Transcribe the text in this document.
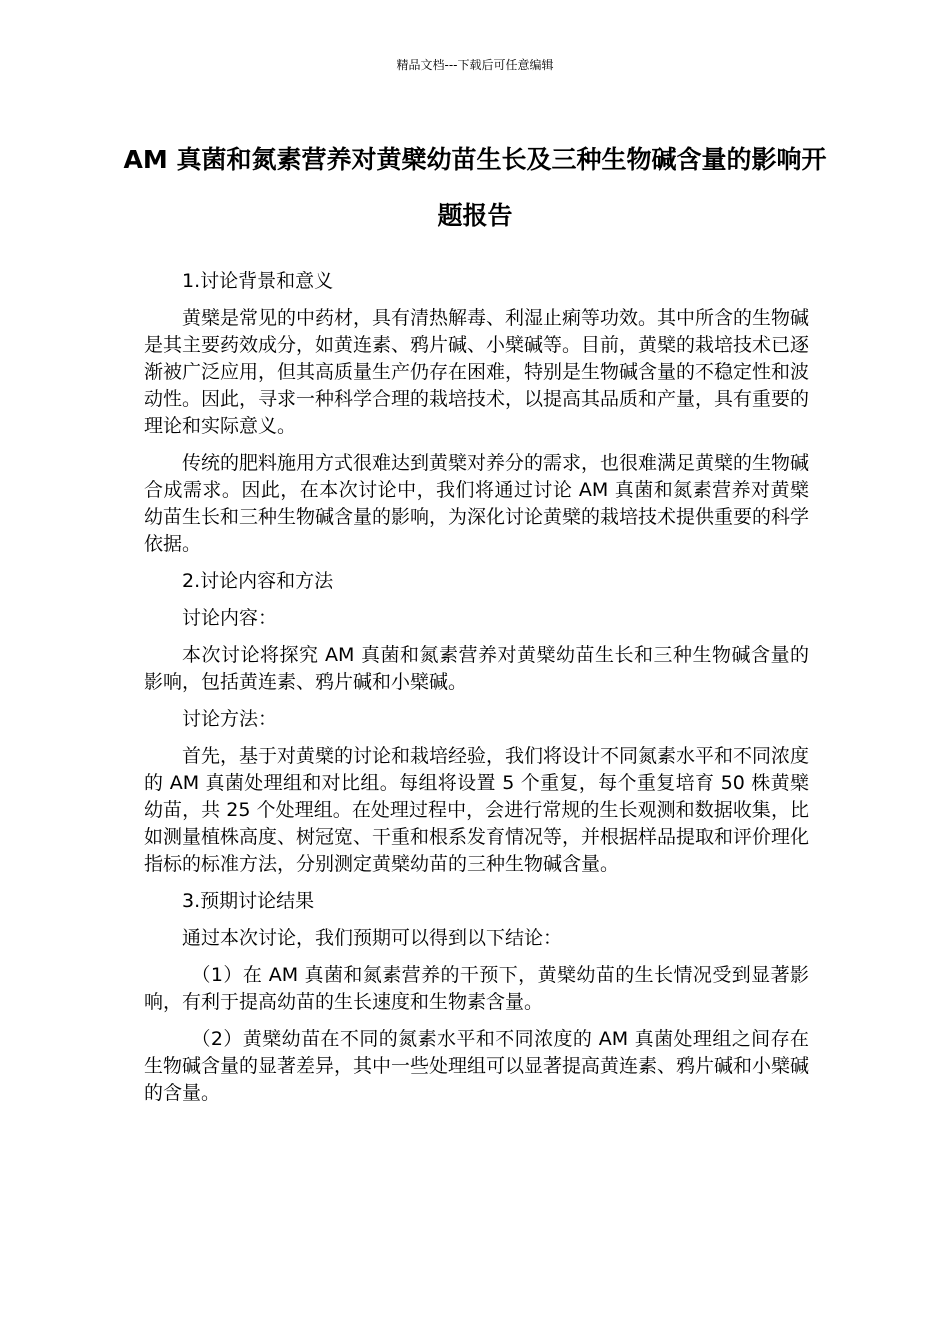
精品文档---下载后可任意编辑
AM 真菌和氮素营养对黄檗幼苗生长及三种生物碱含量的影响开题报告

1.讨论背景和意义

黄檗是常见的中药材，具有清热解毒、利湿止痢等功效。其中所含的生物碱是其主要药效成分，如黄连素、鸦片碱、小檗碱等。目前，黄檗的栽培技术已逐渐被广泛应用，但其高质量生产仍存在困难，特别是生物碱含量的不稳定性和波动性。因此，寻求一种科学合理的栽培技术，以提高其品质和产量，具有重要的理论和实际意义。

传统的肥料施用方式很难达到黄檗对养分的需求，也很难满足黄檗的生物碱合成需求。因此，在本次讨论中，我们将通过讨论 AM 真菌和氮素营养对黄檗幼苗生长和三种生物碱含量的影响，为深化讨论黄檗的栽培技术提供重要的科学依据。

2.讨论内容和方法

讨论内容：

本次讨论将探究 AM 真菌和氮素营养对黄檗幼苗生长和三种生物碱含量的影响，包括黄连素、鸦片碱和小檗碱。

讨论方法：

首先，基于对黄檗的讨论和栽培经验，我们将设计不同氮素水平和不同浓度的 AM 真菌处理组和对比组。每组将设置 5 个重复，每个重复培育 50 株黄檗幼苗，共 25 个处理组。在处理过程中，会进行常规的生长观测和数据收集，比如测量植株高度、树冠宽、干重和根系发育情况等，并根据样品提取和评价理化指标的标准方法，分别测定黄檗幼苗的三种生物碱含量。

3.预期讨论结果

通过本次讨论，我们预期可以得到以下结论：

（1）在 AM 真菌和氮素营养的干预下，黄檗幼苗的生长情况受到显著影响，有利于提高幼苗的生长速度和生物素含量。

（2）黄檗幼苗在不同的氮素水平和不同浓度的 AM 真菌处理组之间存在生物碱含量的显著差异，其中一些处理组可以显著提高黄连素、鸦片碱和小檗碱的含量。
